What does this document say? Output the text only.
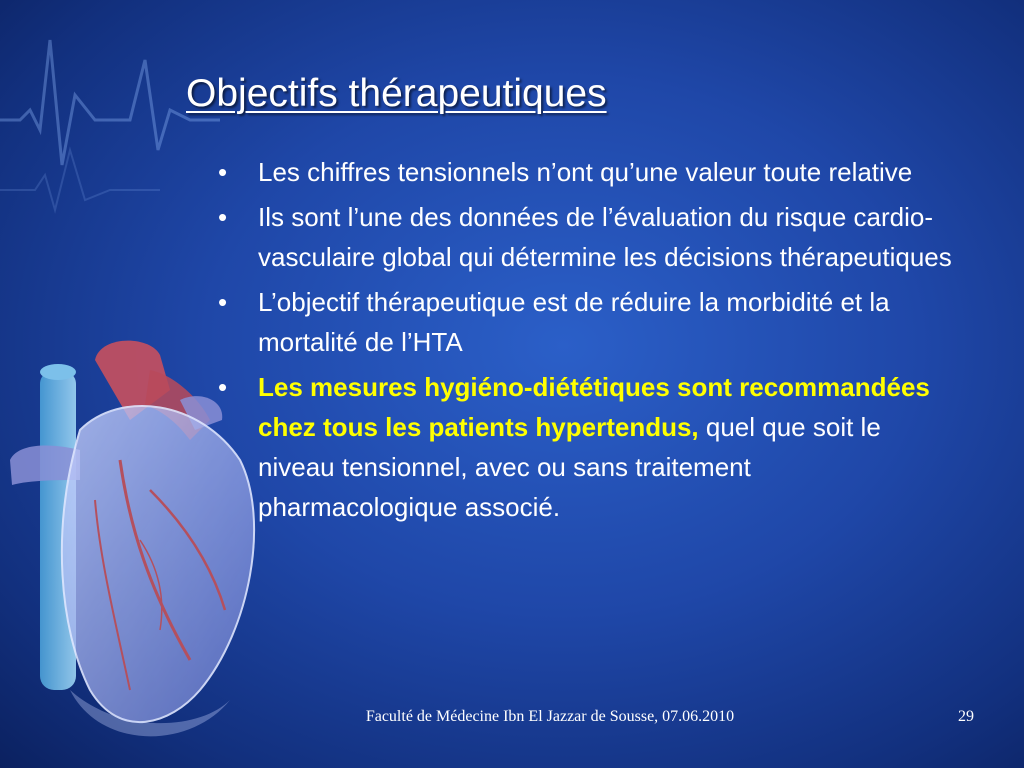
Objectifs thérapeutiques
• Les chiffres tensionnels n’ont qu’une valeur toute relative
• Ils sont l’une des données de l’évaluation du risque cardio-vasculaire global qui détermine les décisions thérapeutiques
• L’objectif thérapeutique est de réduire la morbidité et la mortalité de l’HTA
• Les mesures hygiéno-diététiques sont recommandées chez tous les patients hypertendus, quel que soit le niveau tensionnel, avec ou sans traitement pharmacologique associé.
Faculté de Médecine Ibn El Jazzar de Sousse, 07.06.2010	29
